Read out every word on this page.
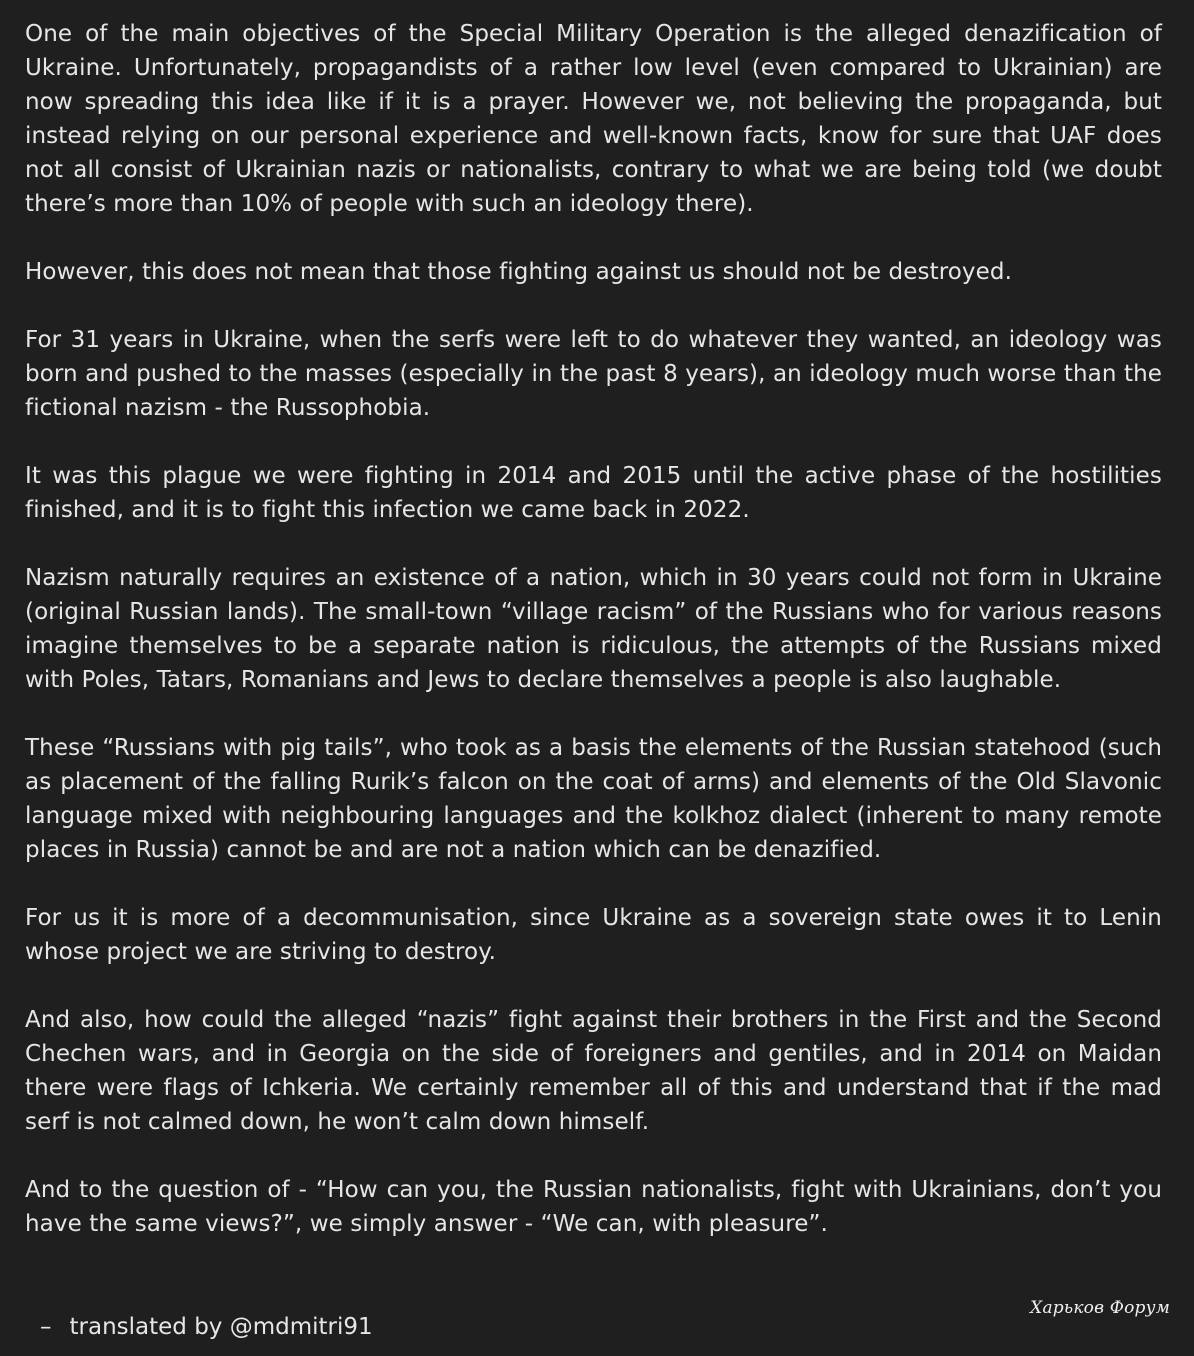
One of the main objectives of the Special Military Operation is the alleged denazification of Ukraine. Unfortunately, propagandists of a rather low level (even compared to Ukrainian) are now spreading this idea like if it is a prayer. However we, not believing the propaganda, but instead relying on our personal experience and well-known facts, know for sure that UAF does not all consist of Ukrainian nazis or nationalists, contrary to what we are being told (we doubt there’s more than 10% of people with such an ideology there).

However, this does not mean that those fighting against us should not be destroyed.

For 31 years in Ukraine, when the serfs were left to do whatever they wanted, an ideology was born and pushed to the masses (especially in the past 8 years), an ideology much worse than the fictional nazism - the Russophobia.

It was this plague we were fighting in 2014 and 2015 until the active phase of the hostilities finished, and it is to fight this infection we came back in 2022.

Nazism naturally requires an existence of a nation, which in 30 years could not form in Ukraine (original Russian lands). The small-town “village racism” of the Russians who for various reasons imagine themselves to be a separate nation is ridiculous, the attempts of the Russians mixed with Poles, Tatars, Romanians and Jews to declare themselves a people is also laughable.

These “Russians with pig tails”, who took as a basis the elements of the Russian statehood (such as placement of the falling Rurik’s falcon on the coat of arms) and elements of the Old Slavonic language mixed with neighbouring languages and the kolkhoz dialect (inherent to many remote places in Russia) cannot be and are not a nation which can be denazified.

For us it is more of a decommunisation, since Ukraine as a sovereign state owes it to Lenin whose project we are striving to destroy.

And also, how could the alleged “nazis” fight against their brothers in the First and the Second Chechen wars, and in Georgia on the side of foreigners and gentiles, and in 2014 on Maidan there were flags of Ichkeria. We certainly remember all of this and understand that if the mad serf is not calmed down, he won’t calm down himself.

And to the question of - “How can you, the Russian nationalists, fight with Ukrainians, don’t you have the same views?”, we simply answer - “We can, with pleasure”.

– translated by @mdmitri91
Харьков Форум
